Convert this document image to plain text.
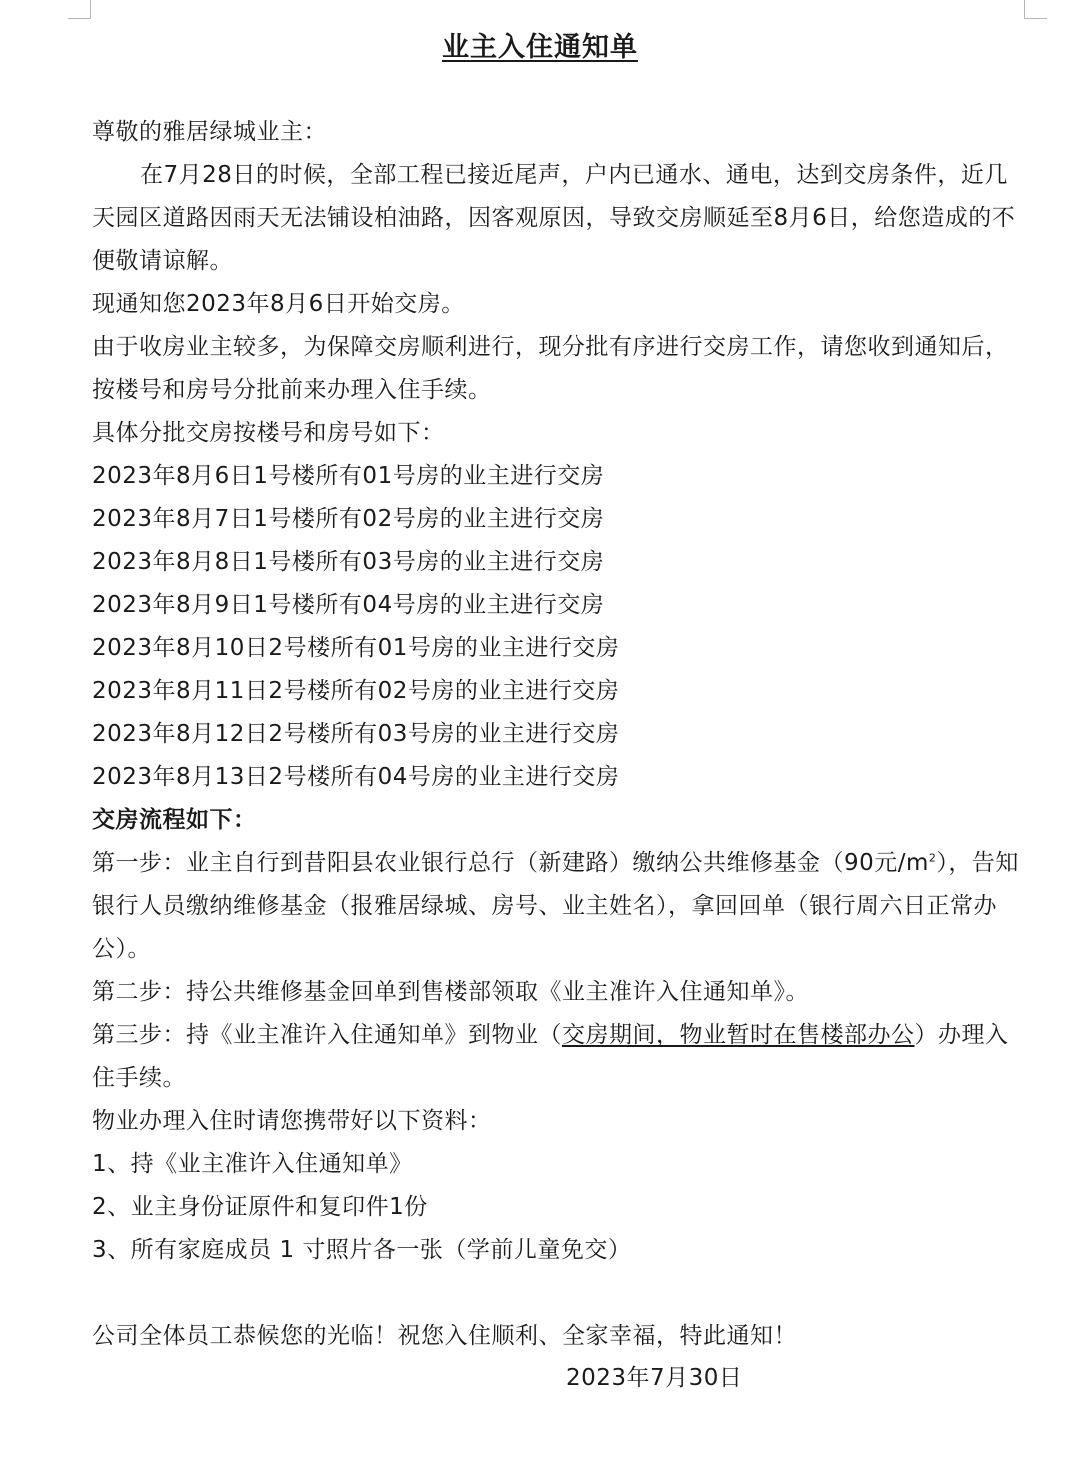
业主入住通知单
尊敬的雅居绿城业主：
在7月28日的时候，全部工程已接近尾声，户内已通水、通电，达到交房条件，近几天园区道路因雨天无法铺设柏油路，因客观原因，导致交房顺延至8月6日，给您造成的不便敬请谅解。
现通知您2023年8月6日开始交房。
由于收房业主较多，为保障交房顺利进行，现分批有序进行交房工作，请您收到通知后，按楼号和房号分批前来办理入住手续。
具体分批交房按楼号和房号如下：
2023年8月6日1号楼所有01号房的业主进行交房
2023年8月7日1号楼所有02号房的业主进行交房
2023年8月8日1号楼所有03号房的业主进行交房
2023年8月9日1号楼所有04号房的业主进行交房
2023年8月10日2号楼所有01号房的业主进行交房
2023年8月11日2号楼所有02号房的业主进行交房
2023年8月12日2号楼所有03号房的业主进行交房
2023年8月13日2号楼所有04号房的业主进行交房
交房流程如下：
第一步：业主自行到昔阳县农业银行总行（新建路）缴纳公共维修基金（90元$/m^2$），告知银行人员缴纳维修基金（报雅居绿城、房号、业主姓名），拿回回单（银行周六日正常办公）。
第二步：持公共维修基金回单到售楼部领取《业主准许入住通知单》。
第三步：持《业主准许入住通知单》到物业（交房期间，物业暂时在售楼部办公）办理入住手续。
物业办理入住时请您携带好以下资料：
1、持《业主准许入住通知单》
2、业主身份证原件和复印件1份
3、所有家庭成员 1 寸照片各一张（学前儿童免交）
公司全体员工恭候您的光临！祝您入住顺利、全家幸福，特此通知！
2023年7月30日
